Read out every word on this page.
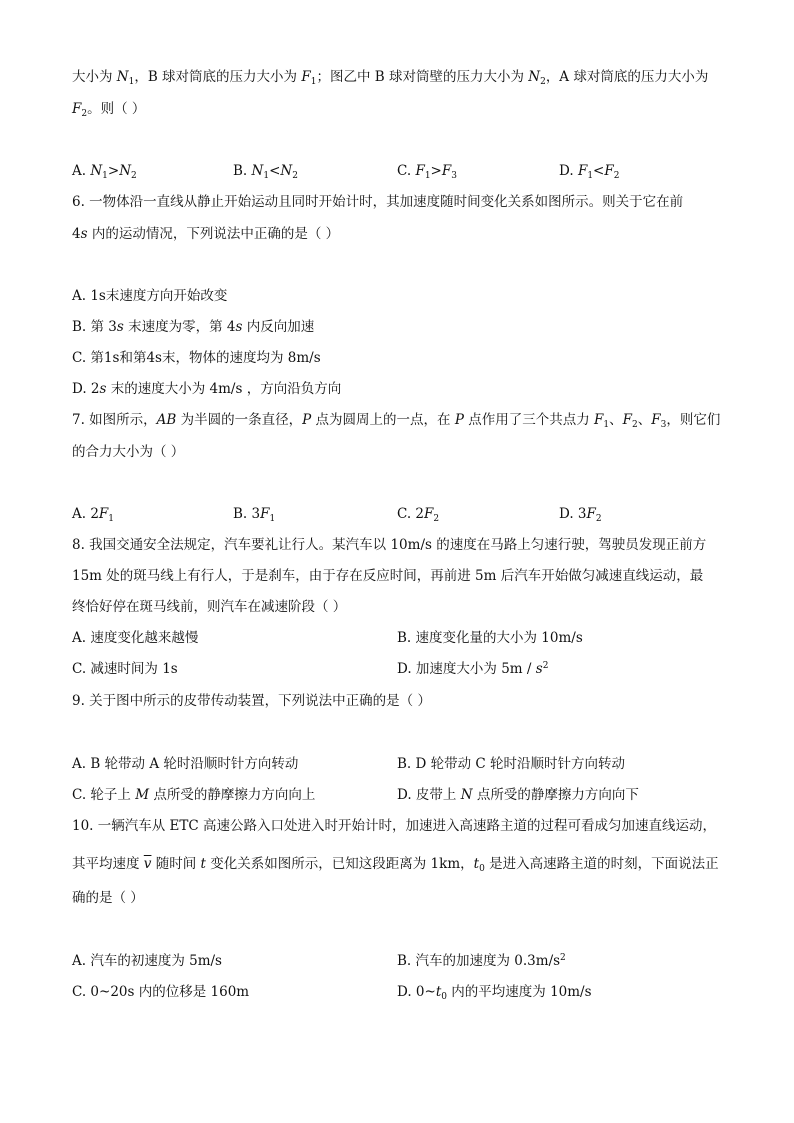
大小为 $N_1$，B 球对筒底的压力大小为 $F_1$；图乙中 B 球对筒壁的压力大小为 $N_2$，A 球对筒底的压力大小为
$F_2$。则（ ）
A. $N_1>N_2$	B. $N_1<N_2$	C. $F_1>F_3$	D. $F_1<F_2$
6. 一物体沿一直线从静止开始运动且同时开始计时，其加速度随时间变化关系如图所示。则关于它在前
4s 内的运动情况，下列说法中正确的是（ ）
A. 1s末速度方向开始改变
B. 第 3s 末速度为零，第 4s 内反向加速
C. 第1s和第4s末，物体的速度均为 8m/s
D. 2s 末的速度大小为 4m/s ，方向沿负方向
7. 如图所示，AB 为半圆的一条直径，P 点为圆周上的一点，在 P 点作用了三个共点力 $F_1$、$F_2$、$F_3$，则它们
的合力大小为（ ）
A. $2F_1$	B. $3F_1$	C. $2F_2$	D. $3F_2$
8. 我国交通安全法规定，汽车要礼让行人。某汽车以 10m/s 的速度在马路上匀速行驶，驾驶员发现正前方
15m 处的斑马线上有行人，于是刹车，由于存在反应时间，再前进 5m 后汽车开始做匀减速直线运动，最
终恰好停在斑马线前，则汽车在减速阶段（ ）
A. 速度变化越来越慢	B. 速度变化量的大小为 10m/s
C. 减速时间为 1s	D. 加速度大小为 $5m / s^2$
9. 关于图中所示的皮带传动装置，下列说法中正确的是（ ）
A. B 轮带动 A 轮时沿顺时针方向转动	B. D 轮带动 C 轮时沿顺时针方向转动
C. 轮子上 M 点所受的静摩擦力方向向上	D. 皮带上 N 点所受的静摩擦力方向向下
10. 一辆汽车从 ETC 高速公路入口处进入时开始计时，加速进入高速路主道的过程可看成匀加速直线运动，
其平均速度 $\overline{v}$ 随时间 t 变化关系如图所示，已知这段距离为 1km，$t_0$ 是进入高速路主道的时刻，下面说法正
确的是（ ）
A. 汽车的初速度为 5m/s	B. 汽车的加速度为 $0.3m/s^2$
C. 0~20s 内的位移是 160m	D. $0\sim t_0$ 内的平均速度为 10m/s
